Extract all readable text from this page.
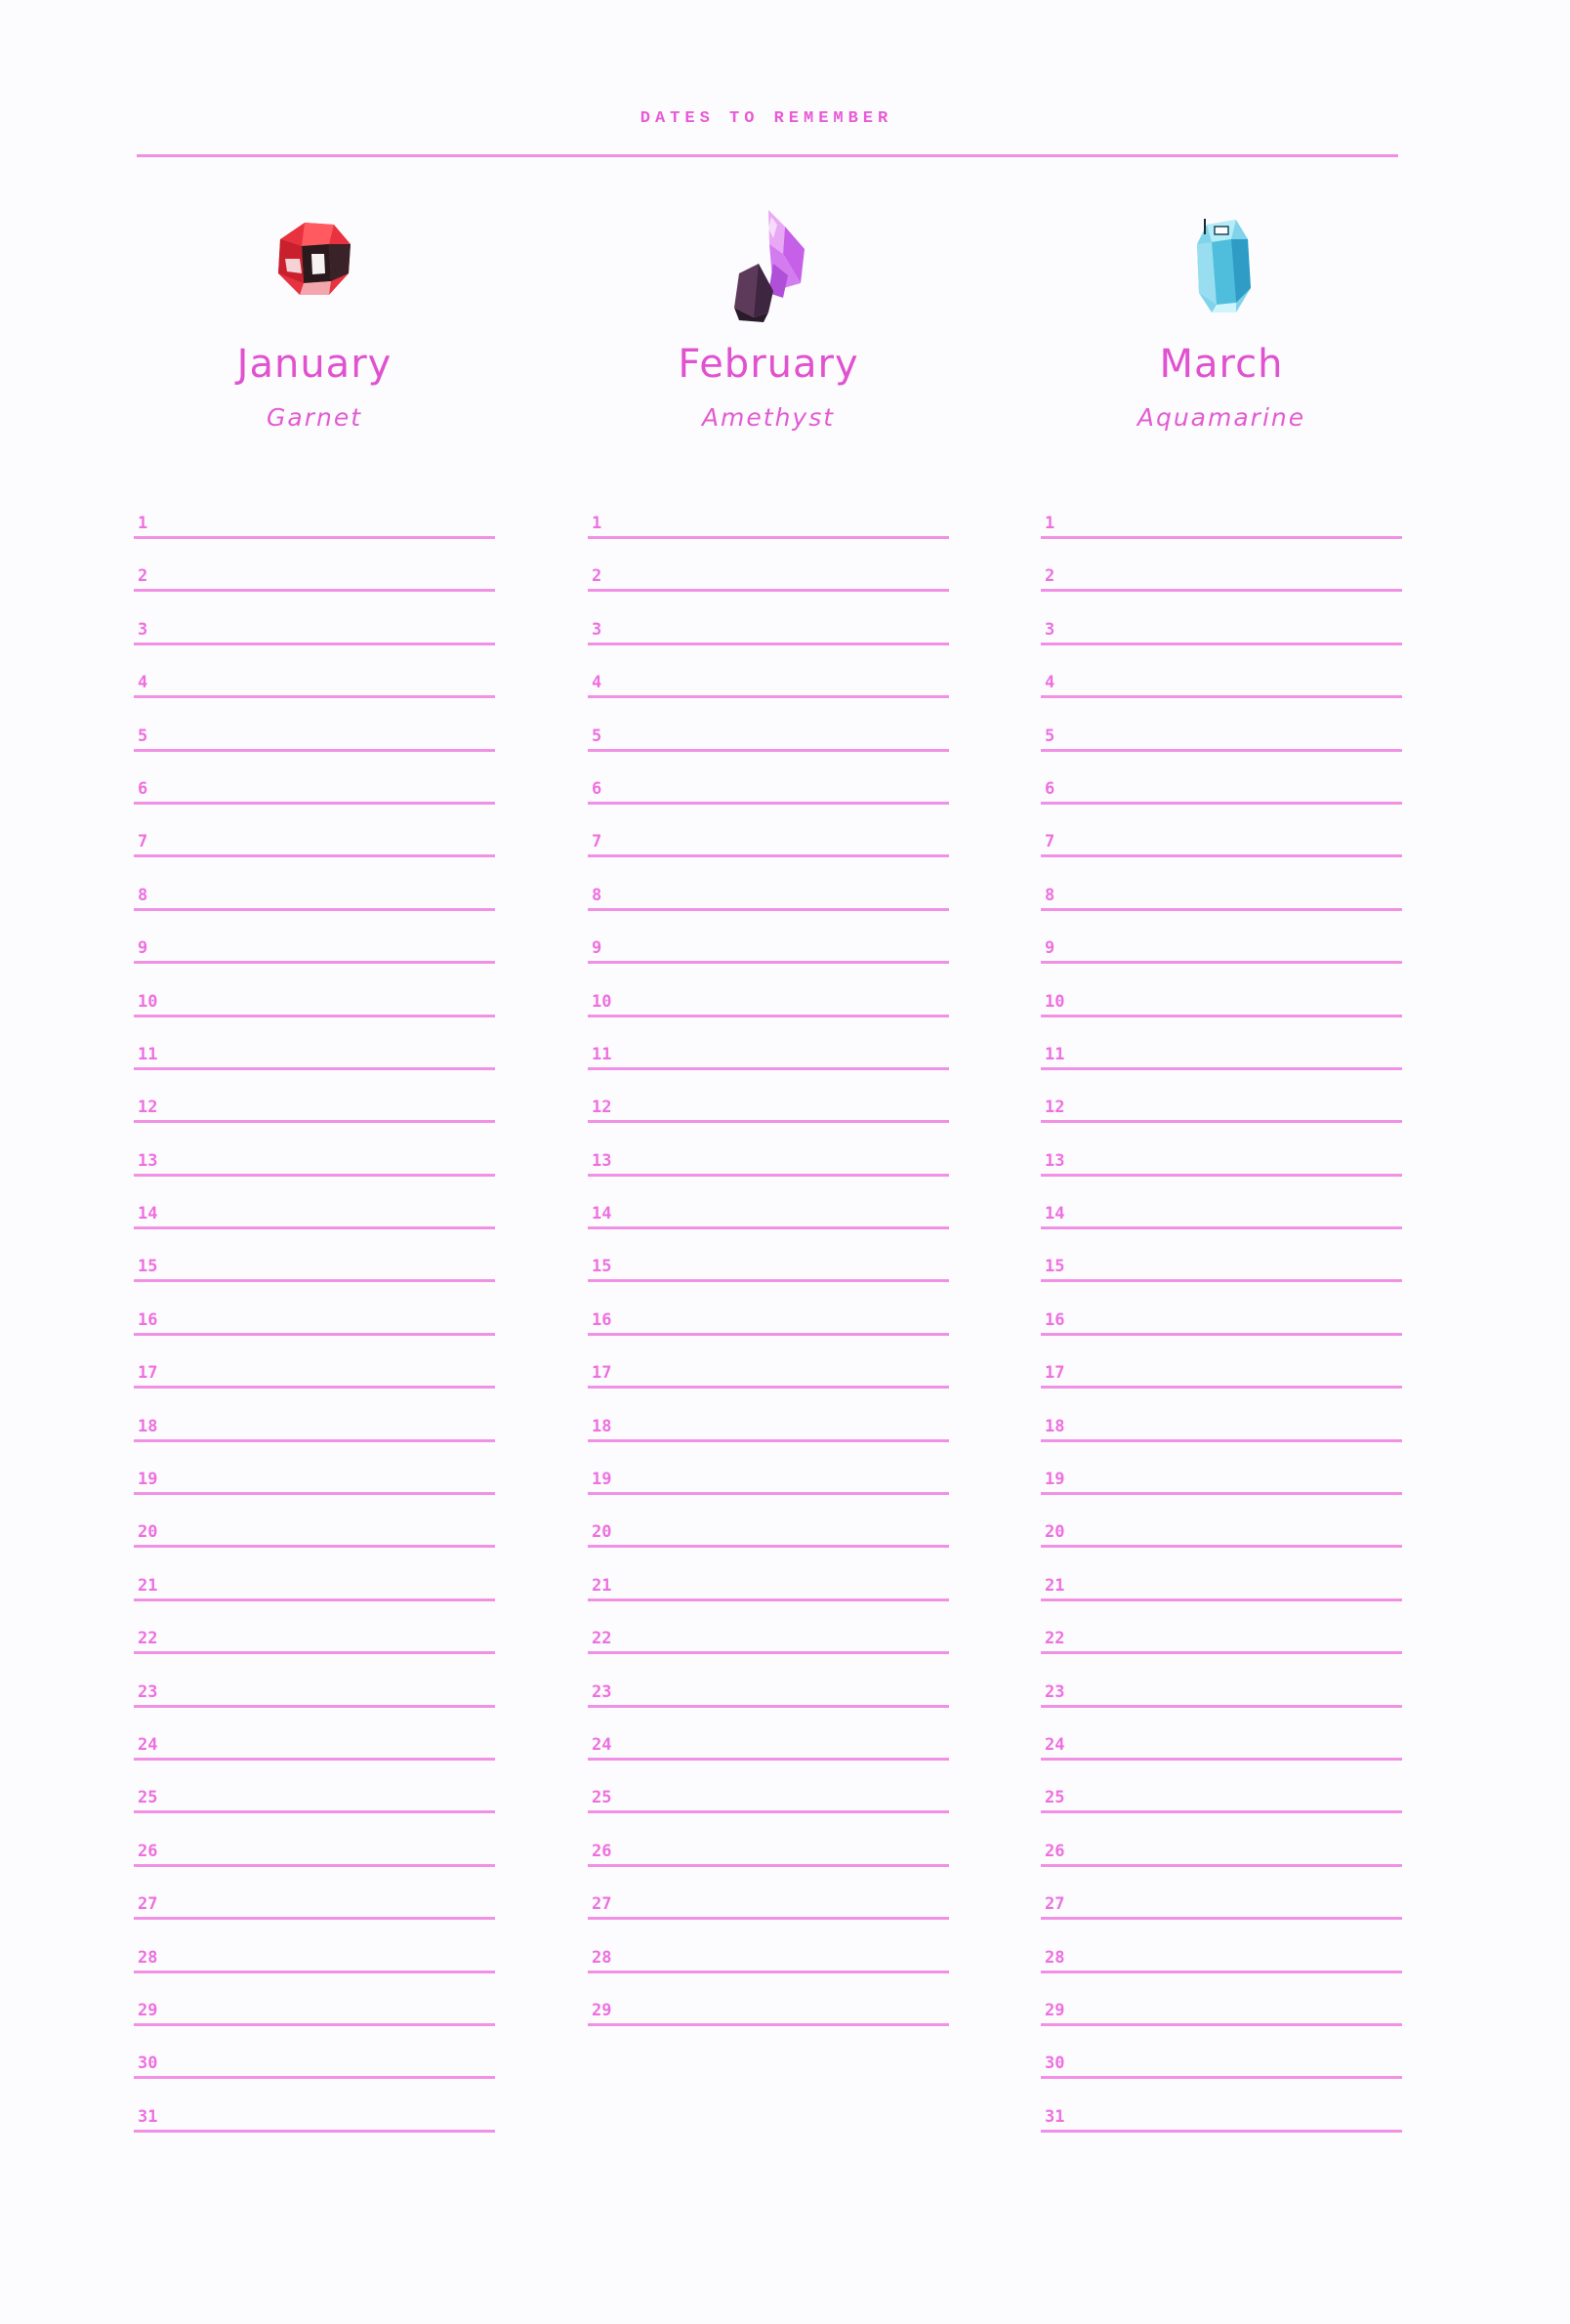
DATES TO REMEMBER
January
Garnet
1
2
3
4
5
6
7
8
9
10
11
12
13
14
15
16
17
18
19
20
21
22
23
24
25
26
27
28
29
30
31
February
Amethyst
1
2
3
4
5
6
7
8
9
10
11
12
13
14
15
16
17
18
19
20
21
22
23
24
25
26
27
28
29
March
Aquamarine
1
2
3
4
5
6
7
8
9
10
11
12
13
14
15
16
17
18
19
20
21
22
23
24
25
26
27
28
29
30
31
